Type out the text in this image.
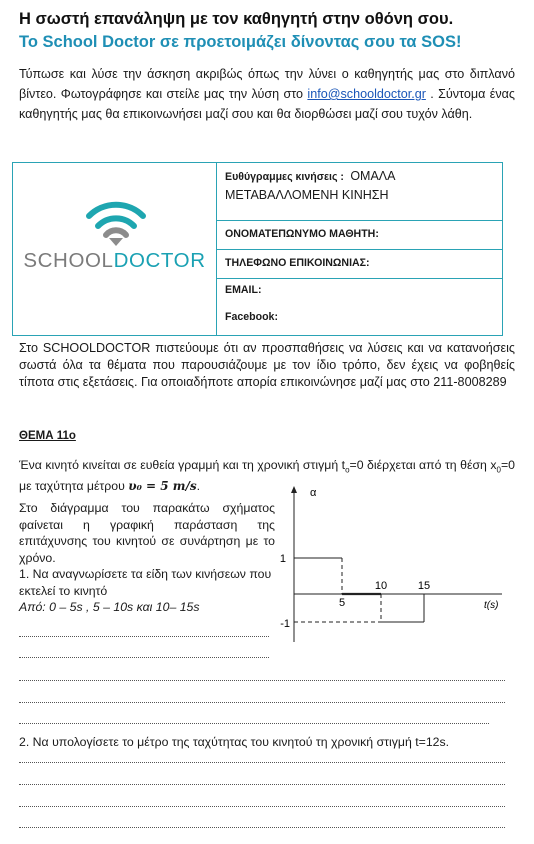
Η σωστή επανάληψη με τον καθηγητή στην οθόνη σου.
Το School Doctor σε προετοιμάζει δίνοντας σου τα SOS!
Τύπωσε και λύσε την άσκηση ακριβώς όπως την λύνει ο καθηγητής μας στο διπλανό βίντεο. Φωτογράφησε και στείλε μας την λύση στο info@schooldoctor.gr . Σύντομα ένας καθηγητής μας θα επικοινωνήσει μαζί σου και θα διορθώσει μαζί σου τυχόν λάθη.
SCHOOLDOCTOR
Ευθύγραμμες κινήσεις : ΟΜΑΛΑ
ΜΕΤΑΒΑΛΛΟΜΕΝΗ ΚΙΝΗΣΗ
ΟΝΟΜΑΤΕΠΩΝΥΜΟ ΜΑΘΗΤΗ:
ΤΗΛΕΦΩΝΟ ΕΠΙΚΟΙΝΩΝΙΑΣ:
EMAIL:
Facebook:
Στο SCHOOLDOCTOR πιστεύουμε ότι αν προσπαθήσεις να λύσεις και να κατανοήσεις σωστά όλα τα θέματα που παρουσιάζουμε με τον ίδιο τρόπο, δεν έχεις να φοβηθείς τίποτα στις εξετάσεις. Για οποιαδήποτε απορία επικοινώνησε μαζί μας στο 211-8008289
ΘΕΜΑ 11ο
Ένα κινητό κινείται σε ευθεία γραμμή και τη χρονική στιγμή $t_o=0$ διέρχεται από τη θέση $x_0=0$ με ταχύτητα μέτρου υ₀ = 5 m/s.
Στο διάγραμμα του παρακάτω σχήματος φαίνεται η γραφική παράσταση της επιτάχυνσης του κινητού σε συνάρτηση με το χρόνο.
1. Να αναγνωρίσετε τα είδη των κινήσεων που εκτελεί το κινητό
Από: 0 – 5s , 5 – 10s και 10– 15s
α
t(s)
1
-1
5
10	15
2. Να υπολογίσετε το μέτρο της ταχύτητας του κινητού τη χρονική στιγμή t=12s.
